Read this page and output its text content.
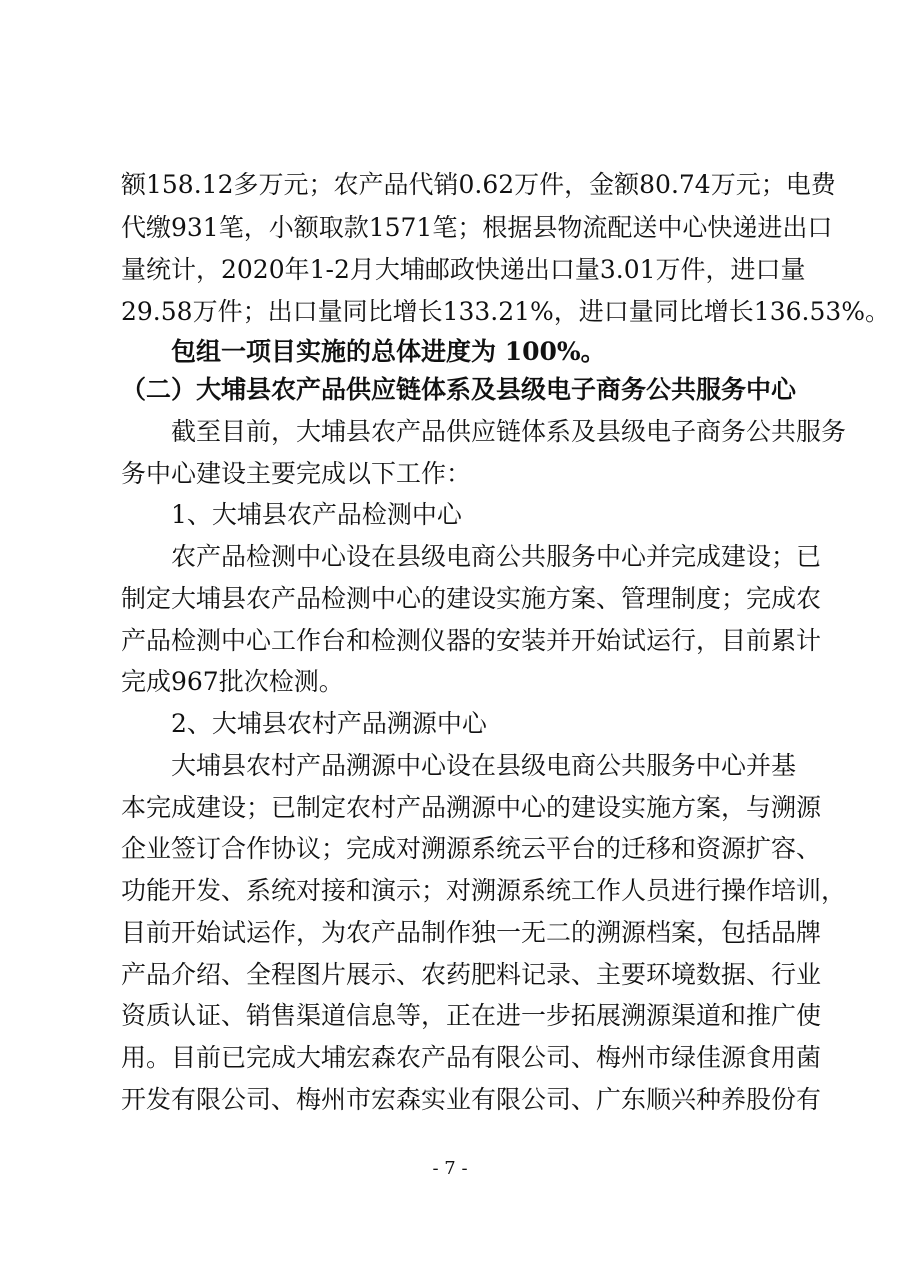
额158.12多万元；农产品代销0.62万件，金额80.74万元；电费
代缴931笔，小额取款1571笔；根据县物流配送中心快递进出口
量统计，2020年1-2月大埔邮政快递出口量3.01万件，进口量
29.58万件；出口量同比增长133.21%，进口量同比增长136.53%。
包组一项目实施的总体进度为 100%。
（二）大埔县农产品供应链体系及县级电子商务公共服务中心
截至目前，大埔县农产品供应链体系及县级电子商务公共服务
务中心建设主要完成以下工作：
1、大埔县农产品检测中心
农产品检测中心设在县级电商公共服务中心并完成建设；已
制定大埔县农产品检测中心的建设实施方案、管理制度；完成农
产品检测中心工作台和检测仪器的安装并开始试运行，目前累计
完成967批次检测。
2、大埔县农村产品溯源中心
大埔县农村产品溯源中心设在县级电商公共服务中心并基
本完成建设；已制定农村产品溯源中心的建设实施方案，与溯源
企业签订合作协议；完成对溯源系统云平台的迁移和资源扩容、
功能开发、系统对接和演示；对溯源系统工作人员进行操作培训，
目前开始试运作，为农产品制作独一无二的溯源档案，包括品牌
产品介绍、全程图片展示、农药肥料记录、主要环境数据、行业
资质认证、销售渠道信息等，正在进一步拓展溯源渠道和推广使
用。目前已完成大埔宏森农产品有限公司、梅州市绿佳源食用菌
开发有限公司、梅州市宏森实业有限公司、广东顺兴种养股份有
- 7 -
